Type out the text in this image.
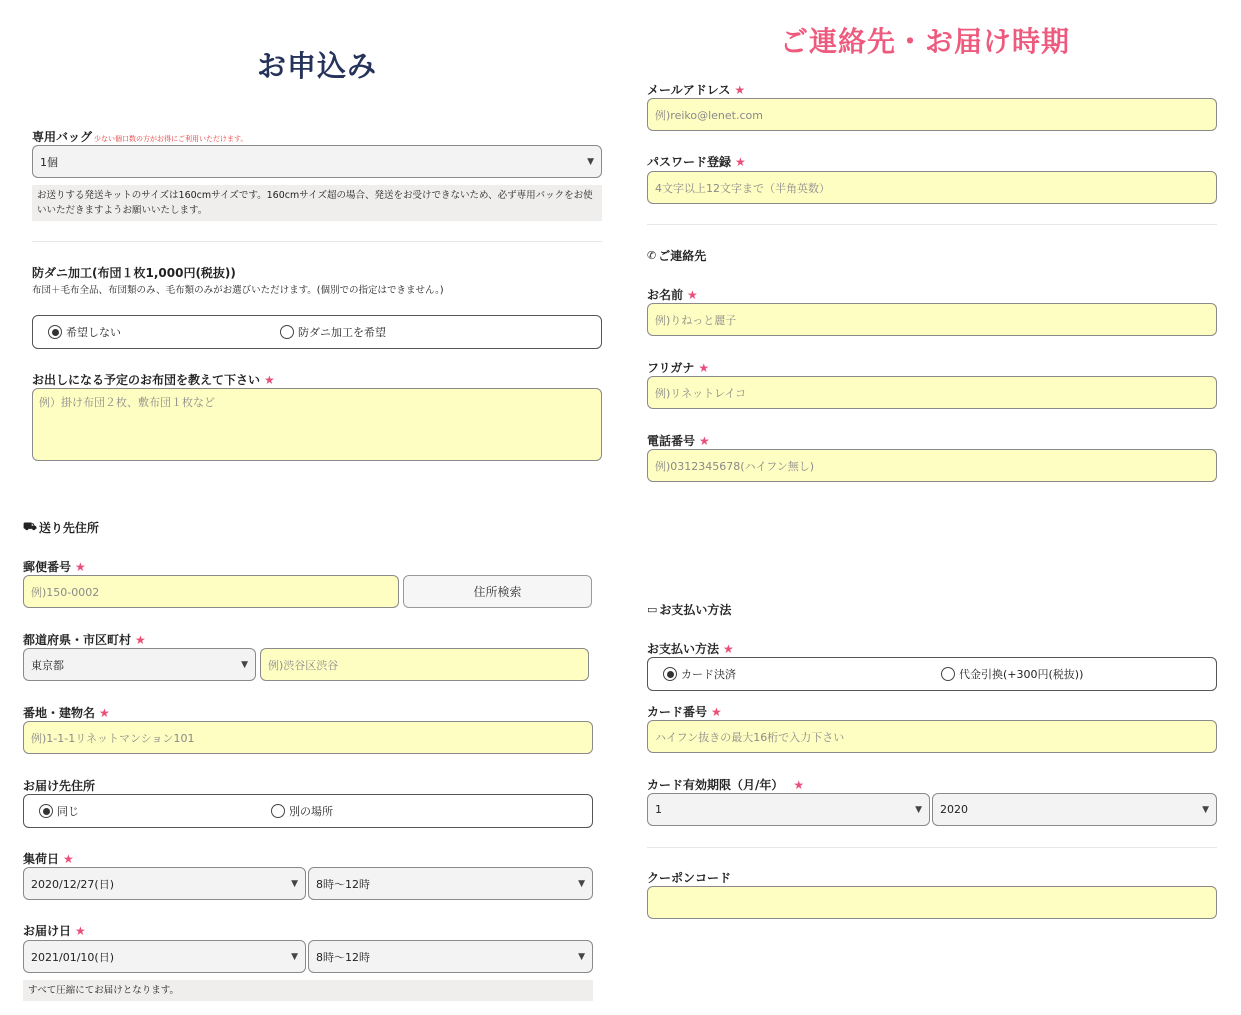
お申込み
専用バッグ 少ない個口数の方がお得にご利用いただけます。
1個	▼
お送りする発送キットのサイズは160cmサイズです。160cmサイズ超の場合、発送をお受けできないため、必ず専用バックをお使いいただきますようお願いいたします。
防ダニ加工(布団１枚1,000円(税抜))
布団＋毛布全品、布団類のみ、毛布類のみがお選びいただけます。(個別での指定はできません。)
希望しない	防ダニ加工を希望
お出しになる予定のお布団を教えて下さい ★
例）掛け布団２枚、敷布団１枚など
⛟ 送り先住所
郵便番号 ★
例)150-0002	住所検索
都道府県・市区町村 ★
東京都	▼ 例)渋谷区渋谷
番地・建物名 ★
例)1-1-1リネットマンション101
お届け先住所
同じ	別の場所
集荷日 ★
2020/12/27(日)	▼ 8時～12時	▼
お届け日 ★
2021/01/10(日)	▼ 8時～12時	▼
すべて圧縮にてお届けとなります。
ご連絡先・お届け時期
メールアドレス ★
例)reiko@lenet.com
パスワード登録 ★
4文字以上12文字まで（半角英数）
✆ ご連絡先
お名前 ★
例)りねっと麗子
フリガナ ★
例)リネットレイコ
電話番号 ★
例)0312345678(ハイフン無し)
▭ お支払い方法
お支払い方法 ★
カード決済	代金引換(+300円(税抜))
カード番号 ★
ハイフン抜きの最大16桁で入力下さい
カード有効期限（月/年） ★
1	▼ 2020	▼
クーポンコード
